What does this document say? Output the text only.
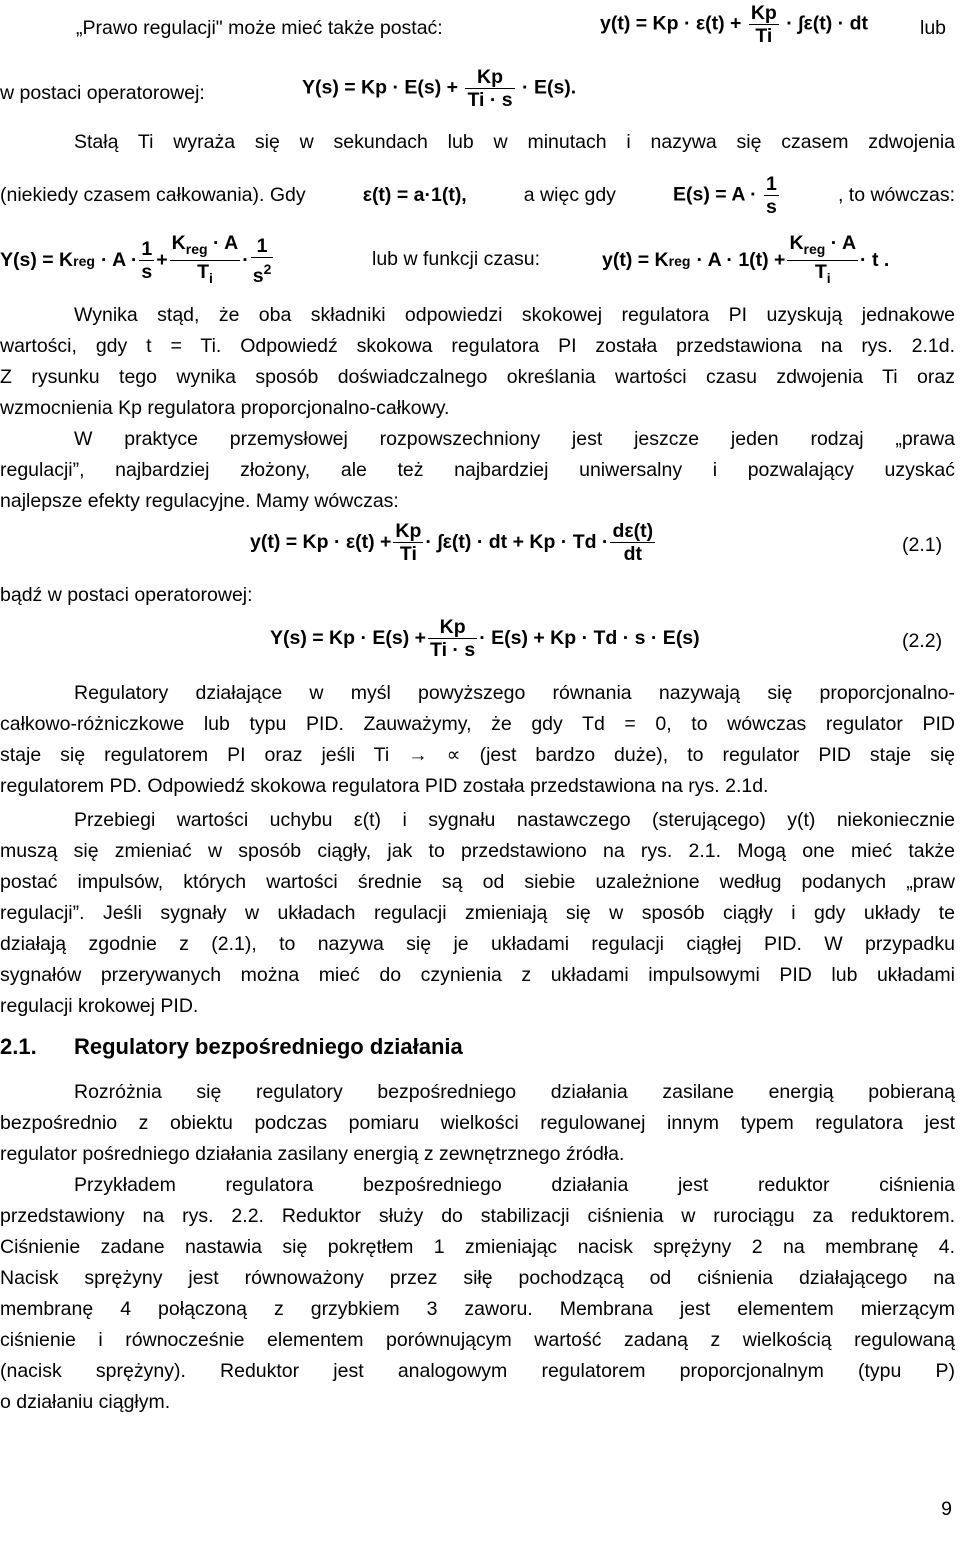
„Prawo regulacji" może mieć także postać:	$y(t) = Kp \cdot \varepsilon(t) + \frac{Kp}{Ti} \cdot \int\varepsilon(t)$ · dt	lub
w postaci operatorowej:	$Y(s) = Kp \cdot E(s) + \frac{Kp}{Ti \cdot s} \cdot E(s)$.
Stałą Ti wyraża się w sekundach lub w minutach i nazywa się czasem zdwojenia
(niekiedy czasem całkowania). Gdy	ε(t) = a·1(t),	a więc gdy	$E(s) = A \cdot \frac{1}{s}$	, to wówczas:
Y(s) = K reg · $A \cdot \frac{1}{s} + \frac{K_{reg} \cdot A}{T_i} \cdot \frac{1}{s^2}$	lub w funkcji czasu:	y(t) = K reg · $A \cdot 1(t) + \frac{K_{reg} \cdot A}{T_i} \cdot t$ .
Wynika stąd, że oba składniki odpowiedzi skokowej regulatora PI uzyskują jednakowe
wartości, gdy t = Ti. Odpowiedź skokowa regulatora PI została przedstawiona na rys. 2.1d.
Z rysunku tego wynika sposób doświadczalnego określania wartości czasu zdwojenia Ti oraz
wzmocnienia Kp regulatora proporcjonalno-całkowy.
W praktyce przemysłowej rozpowszechniony jest jeszcze jeden rodzaj „prawa
regulacji”, najbardziej złożony, ale też najbardziej uniwersalny i pozwalający uzyskać
najlepsze efekty regulacyjne. Mamy wówczas:
$y(t) = Kp \cdot \varepsilon(t) + \frac{Kp}{Ti} \cdot \int\varepsilon(t)$ · dt + $Kp \cdot Td \cdot \frac{d\varepsilon(t)}{dt}$	(2.1)
bądź w postaci operatorowej:
$Y(s) = Kp \cdot E(s) + \frac{Kp}{Ti \cdot s} \cdot E(s) + Kp \cdot Td \cdot s \cdot E(s)$	(2.2)
Regulatory działające w myśl powyższego równania nazywają się proporcjonalno-
całkowo-różniczkowe lub typu PID. Zauważymy, że gdy Td = 0, to wówczas regulator PID
staje się regulatorem PI oraz jeśli Ti → ∝ (jest bardzo duże), to regulator PID staje się
regulatorem PD. Odpowiedź skokowa regulatora PID została przedstawiona na rys. 2.1d.
Przebiegi wartości uchybu ε(t) i sygnału nastawczego (sterującego) y(t) niekoniecznie
muszą się zmieniać w sposób ciągły, jak to przedstawiono na rys. 2.1. Mogą one mieć także
postać impulsów, których wartości średnie są od siebie uzależnione według podanych „praw
regulacji”. Jeśli sygnały w układach regulacji zmieniają się w sposób ciągły i gdy układy te
działają zgodnie z (2.1), to nazywa się je układami regulacji ciągłej PID. W przypadku
sygnałów przerywanych można mieć do czynienia z układami impulsowymi PID lub układami
regulacji krokowej PID.
2.1. Regulatory bezpośredniego działania
Rozróżnia się regulatory bezpośredniego działania zasilane energią pobieraną
bezpośrednio z obiektu podczas pomiaru wielkości regulowanej innym typem regulatora jest
regulator pośredniego działania zasilany energią z zewnętrznego źródła.
Przykładem regulatora bezpośredniego działania jest reduktor ciśnienia
przedstawiony na rys. 2.2. Reduktor służy do stabilizacji ciśnienia w rurociągu za reduktorem.
Ciśnienie zadane nastawia się pokrętłem 1 zmieniając nacisk sprężyny 2 na membranę 4.
Nacisk sprężyny jest równoważony przez siłę pochodzącą od ciśnienia działającego na
membranę 4 połączoną z grzybkiem 3 zaworu. Membrana jest elementem mierzącym
ciśnienie i równocześnie elementem porównującym wartość zadaną z wielkością regulowaną
(nacisk sprężyny). Reduktor jest analogowym regulatorem proporcjonalnym (typu P)
o działaniu ciągłym.
9
